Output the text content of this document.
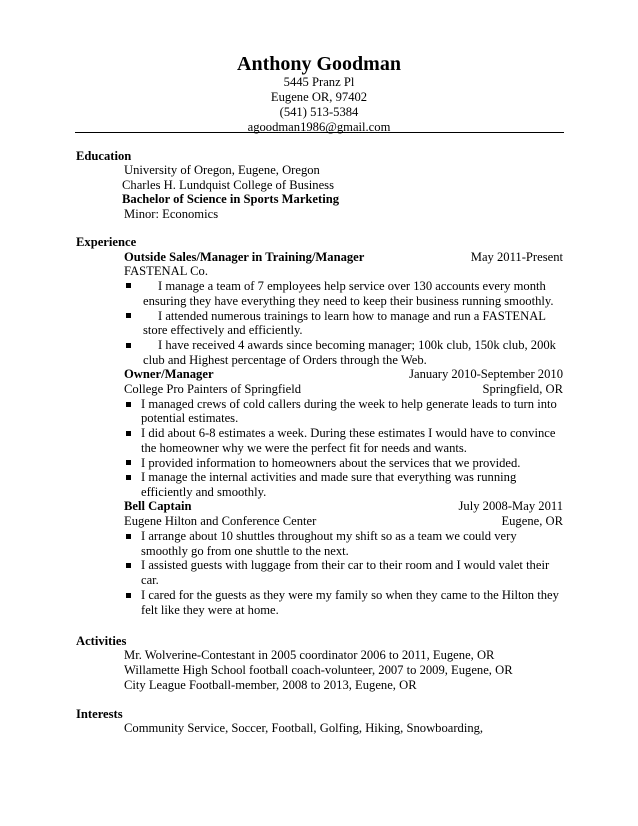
Anthony Goodman
5445 Pranz Pl
Eugene OR, 97402
(541) 513-5384
agoodman1986@gmail.com
Education
University of Oregon, Eugene, Oregon
Charles H. Lundquist College of Business
Bachelor of Science in Sports Marketing
Minor: Economics
Experience
Outside Sales/Manager in Training/Manager	May 2011-Present
FASTENAL Co.
I manage a team of 7 employees help service over 130 accounts every month
ensuring they have everything they need to keep their business running smoothly.
I attended numerous trainings to learn how to manage and run a FASTENAL
store effectively and efficiently.
I have received 4 awards since becoming manager; 100k club, 150k club, 200k
club and Highest percentage of Orders through the Web.
Owner/Manager	January 2010-September 2010
College Pro Painters of Springfield	Springfield, OR
I managed crews of cold callers during the week to help generate leads to turn into
potential estimates.
I did about 6-8 estimates a week. During these estimates I would have to convince
the homeowner why we were the perfect fit for needs and wants.
I provided information to homeowners about the services that we provided.
I manage the internal activities and made sure that everything was running
efficiently and smoothly.
Bell Captain	July 2008-May 2011
Eugene Hilton and Conference Center	Eugene, OR
I arrange about 10 shuttles throughout my shift so as a team we could very
smoothly go from one shuttle to the next.
I assisted guests with luggage from their car to their room and I would valet their
car.
I cared for the guests as they were my family so when they came to the Hilton they
felt like they were at home.
Activities
Mr. Wolverine-Contestant in 2005 coordinator 2006 to 2011, Eugene, OR
Willamette High School football coach-volunteer, 2007 to 2009, Eugene, OR
City League Football-member, 2008 to 2013, Eugene, OR
Interests
Community Service, Soccer, Football, Golfing, Hiking, Snowboarding,
